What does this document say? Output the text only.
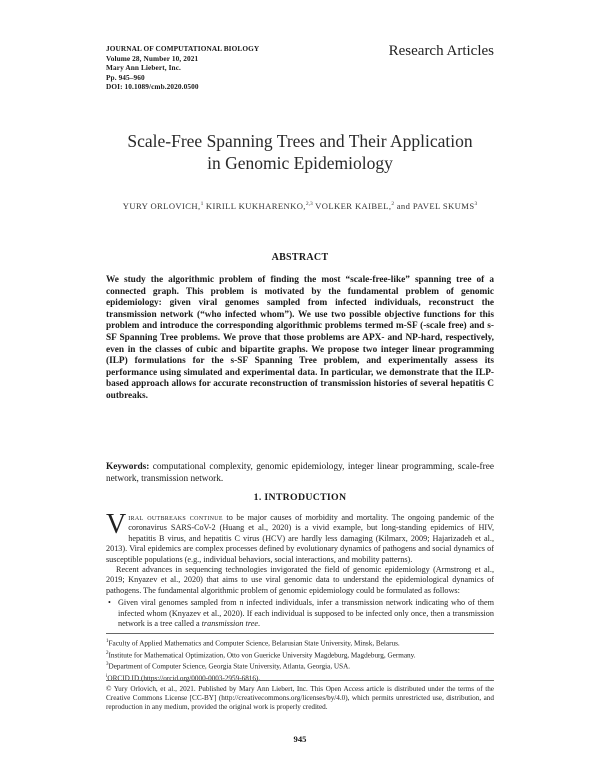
JOURNAL OF COMPUTATIONAL BIOLOGY
Volume 28, Number 10, 2021
Mary Ann Liebert, Inc.
Pp. 945–960
DOI: 10.1089/cmb.2020.0500
Research Articles
Scale-Free Spanning Trees and Their Application
in Genomic Epidemiology
YURY ORLOVICH,$^1$ KIRILL KUKHARENKO,$^{2,3}$ VOLKER KAIBEL,$^2$ and PAVEL SKUMS$^3$
ABSTRACT
We study the algorithmic problem of finding the most “scale-free-like” spanning tree of a connected graph. This problem is motivated by the fundamental problem of genomic epidemiology: given viral genomes sampled from infected individuals, reconstruct the transmission network (“who infected whom”). We use two possible objective functions for this problem and introduce the corresponding algorithmic problems termed m-SF (-scale free) and s-SF Spanning Tree problems. We prove that those problems are APX- and NP-hard, respectively, even in the classes of cubic and bipartite graphs. We propose two integer linear programming (ILP) formulations for the s-SF Spanning Tree problem, and experimentally assess its performance using simulated and experimental data. In particular, we demonstrate that the ILP-based approach allows for accurate reconstruction of transmission histories of several hepatitis C outbreaks.
Keywords: computational complexity, genomic epidemiology, integer linear programming, scale-free network, transmission network.
1. INTRODUCTION

Viral outbreaks continue to be major causes of morbidity and mortality. The ongoing pandemic of the coronavirus SARS-CoV-2 (Huang et al., 2020) is a vivid example, but long-standing epidemics of HIV, hepatitis B virus, and hepatitis C virus (HCV) are hardly less damaging (Kilmarx, 2009; Hajarizadeh et al., 2013). Viral epidemics are complex processes defined by evolutionary dynamics of pathogens and social dynamics of susceptible populations (e.g., individual behaviors, social interactions, and mobility patterns).

Recent advances in sequencing technologies invigorated the field of genomic epidemiology (Armstrong et al., 2019; Knyazev et al., 2020) that aims to use viral genomic data to understand the epidemiological dynamics of pathogens. The fundamental algorithmic problem of genomic epidemiology could be formulated as follows:

• Given viral genomes sampled from n infected individuals, infer a transmission network indicating who of them infected whom (Knyazev et al., 2020). If each individual is supposed to be infected only once, then a transmission network is a tree called a transmission tree.
$^1$Faculty of Applied Mathematics and Computer Science, Belarusian State University, Minsk, Belarus.
$^2$Institute for Mathematical Optimization, Otto von Guericke University Magdeburg, Magdeburg, Germany.
$^3$Department of Computer Science, Georgia State University, Atlanta, Georgia, USA.
$^i$ORCID ID (https://orcid.org/0000-0003-2959-6816).
© Yury Orlovich, et al., 2021. Published by Mary Ann Liebert, Inc. This Open Access article is distributed under the terms of the Creative Commons License [CC-BY] (http://creativecommons.org/licenses/by/4.0), which permits unrestricted use, distribution, and reproduction in any medium, provided the original work is properly credited.
945
